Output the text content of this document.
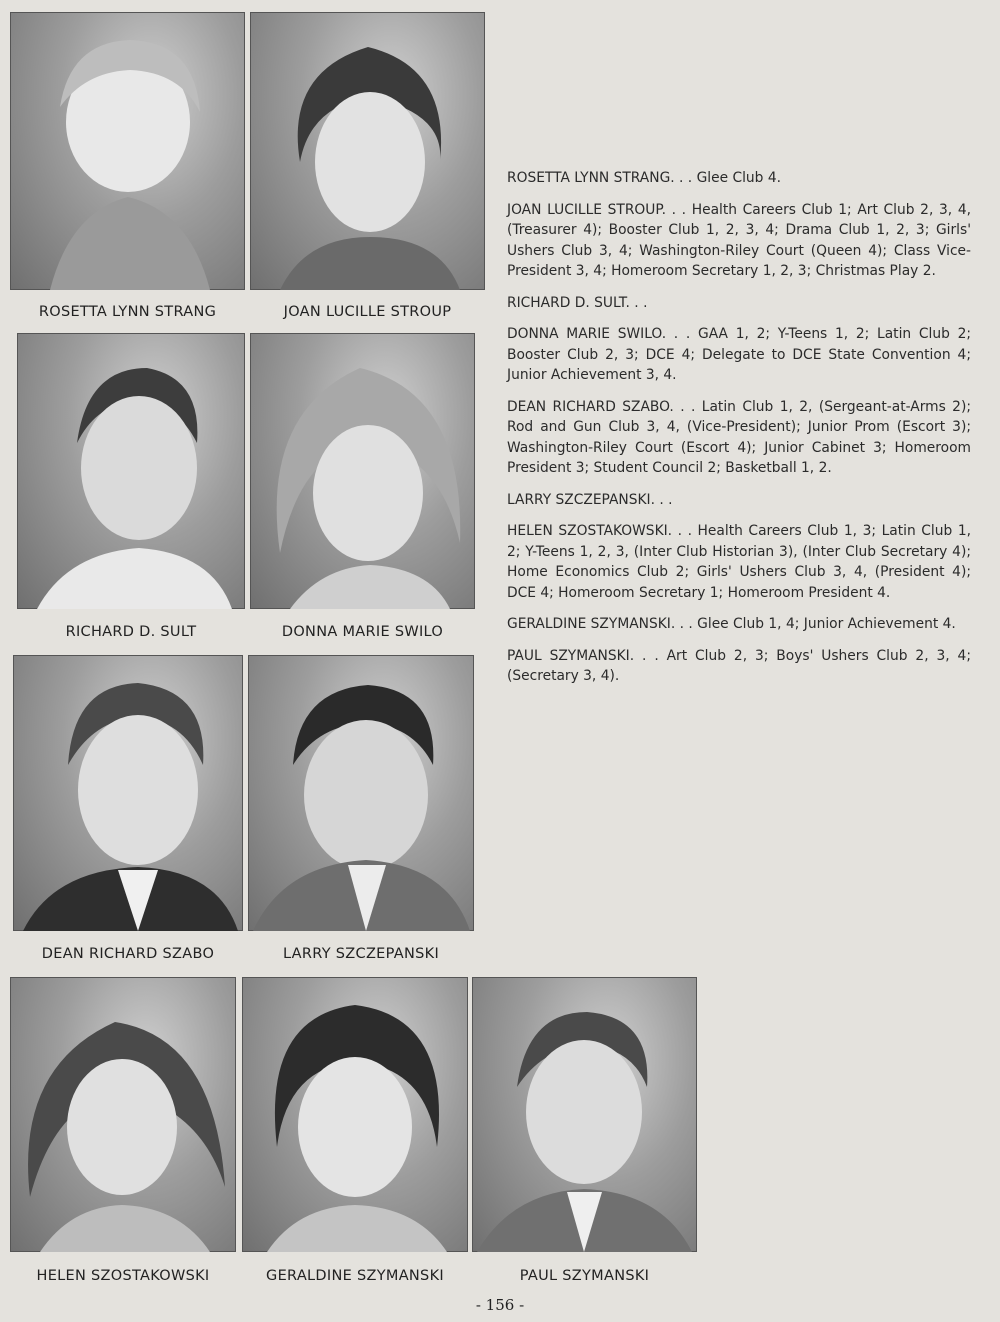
ROSETTA LYNN STRANG	JOAN LUCILLE STROUP
RICHARD D. SULT	DONNA MARIE SWILO
DEAN RICHARD SZABO	LARRY SZCZEPANSKI
HELEN SZOSTAKOWSKI	GERALDINE SZYMANSKI	PAUL SZYMANSKI

ROSETTA LYNN STRANG. . . Glee Club 4.

JOAN LUCILLE STROUP. . . Health Careers Club 1; Art Club 2, 3, 4, (Treasurer 4); Booster Club 1, 2, 3, 4; Drama Club 1, 2, 3; Girls' Ushers Club 3, 4; Washington-Riley Court (Queen 4); Class Vice-President 3, 4; Homeroom Secretary 1, 2, 3; Christmas Play 2.

RICHARD D. SULT. . .

DONNA MARIE SWILO. . . GAA 1, 2; Y-Teens 1, 2; Latin Club 2; Booster Club 2, 3; DCE 4; Delegate to DCE State Convention 4; Junior Achievement 3, 4.

DEAN RICHARD SZABO. . . Latin Club 1, 2, (Sergeant-at-Arms 2); Rod and Gun Club 3, 4, (Vice-President); Junior Prom (Escort 3); Washington-Riley Court (Escort 4); Junior Cabinet 3; Homeroom President 3; Student Council 2; Basketball 1, 2.

LARRY SZCZEPANSKI. . .

HELEN SZOSTAKOWSKI. . . Health Careers Club 1, 3; Latin Club 1, 2; Y-Teens 1, 2, 3, (Inter Club Historian 3), (Inter Club Secretary 4); Home Economics Club 2; Girls' Ushers Club 3, 4, (President 4); DCE 4; Homeroom Secretary 1; Homeroom President 4.

GERALDINE SZYMANSKI. . . Glee Club 1, 4; Junior Achievement 4.

PAUL SZYMANSKI. . . Art Club 2, 3; Boys' Ushers Club 2, 3, 4; (Secretary 3, 4).

- 156 -
